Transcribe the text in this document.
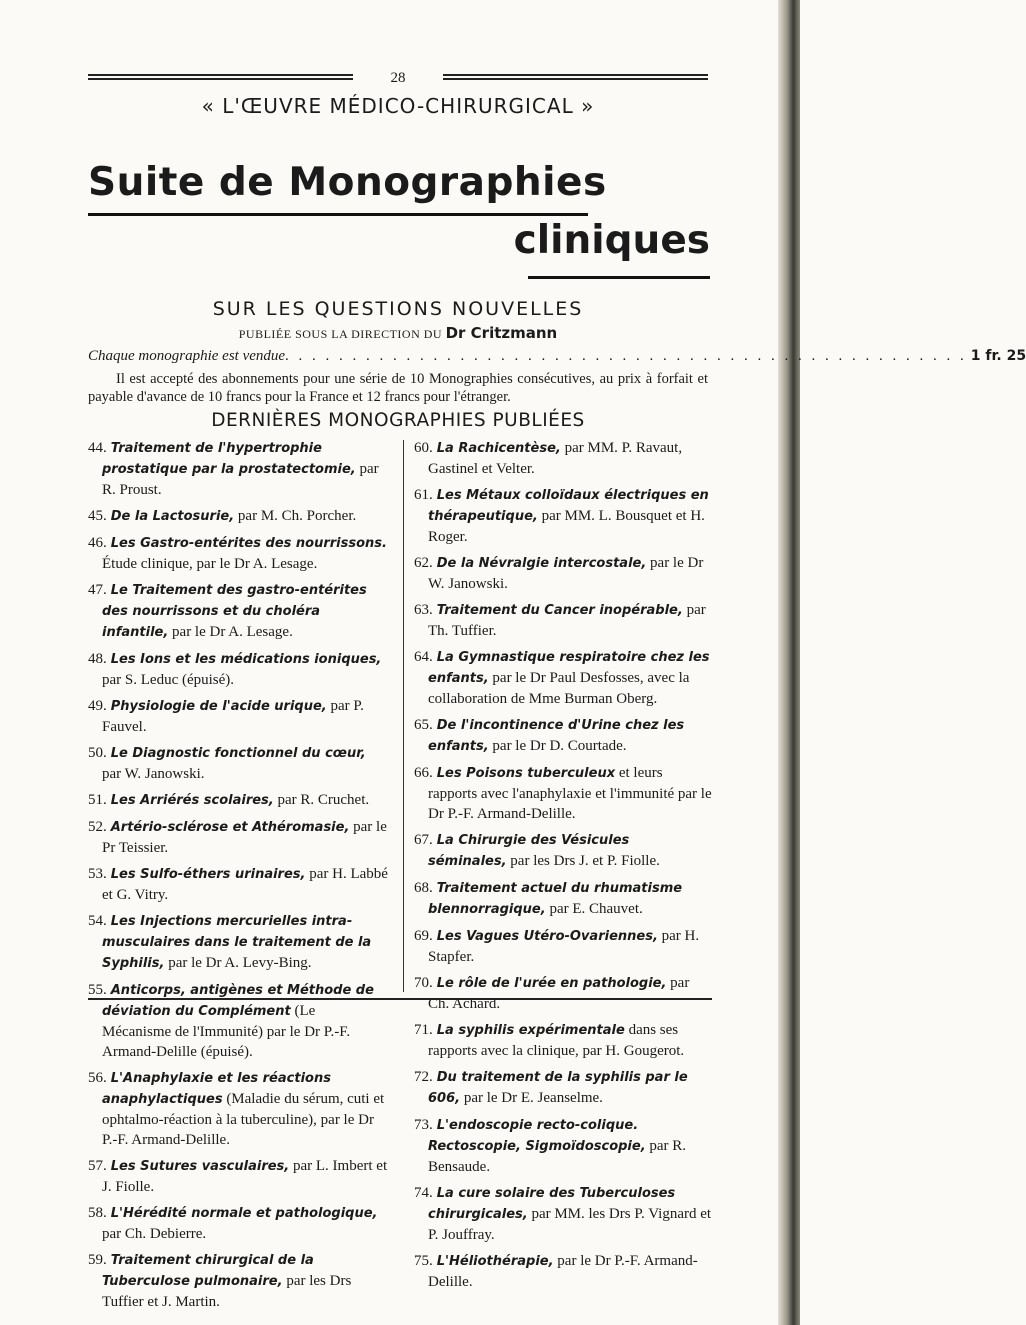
28
« L'ŒUVRE MÉDICO-CHIRURGICAL »
Suite de Monographies
cliniques
SUR LES QUESTIONS NOUVELLES
PUBLIÉE SOUS LA DIRECTION DU Dr Critzmann
Chaque monographie est vendue . . . . . . . . . . . . . . . . . . . . . . . . . . . . . . . . . . . . . . . . . . . . . . . . . . . 1 fr. 25
Il est accepté des abonnements pour une série de 10 Monographies consécutives, au prix à forfait et payable d'avance de 10 francs pour la France et 12 francs pour l'étranger.
DERNIÈRES MONOGRAPHIES PUBLIÉES
44. Traitement de l'hypertrophie prostatique par la prostatectomie, par R. Proust.
45. De la Lactosurie, par M. Ch. Porcher.
46. Les Gastro-entérites des nourrissons. Étude clinique, par le Dr A. Lesage.
47. Le Traitement des gastro-entérites des nourrissons et du choléra infantile, par le Dr A. Lesage.
48. Les Ions et les médications ioniques, par S. Leduc (épuisé).
49. Physiologie de l'acide urique, par P. Fauvel.
50. Le Diagnostic fonctionnel du cœur, par W. Janowski.
51. Les Arriérés scolaires, par R. Cruchet.
52. Artério-sclérose et Athéromasie, par le Pr Teissier.
53. Les Sulfo-éthers urinaires, par H. Labbé et G. Vitry.
54. Les Injections mercurielles intra-musculaires dans le traitement de la Syphilis, par le Dr A. Levy-Bing.
55. Anticorps, antigènes et Méthode de déviation du Complément (Le Mécanisme de l'Immunité) par le Dr P.-F. Armand-Delille (épuisé).
56. L'Anaphylaxie et les réactions anaphylactiques (Maladie du sérum, cuti et ophtalmo-réaction à la tuberculine), par le Dr P.-F. Armand-Delille.
57. Les Sutures vasculaires, par L. Imbert et J. Fiolle.
58. L'Hérédité normale et pathologique, par Ch. Debierre.
59. Traitement chirurgical de la Tuberculose pulmonaire, par les Drs Tuffier et J. Martin.
60. La Rachicentèse, par MM. P. Ravaut, Gastinel et Velter.
61. Les Métaux colloïdaux électriques en thérapeutique, par MM. L. Bousquet et H. Roger.
62. De la Névralgie intercostale, par le Dr W. Janowski.
63. Traitement du Cancer inopérable, par Th. Tuffier.
64. La Gymnastique respiratoire chez les enfants, par le Dr Paul Desfosses, avec la collaboration de Mme Burman Oberg.
65. De l'incontinence d'Urine chez les enfants, par le Dr D. Courtade.
66. Les Poisons tuberculeux et leurs rapports avec l'anaphylaxie et l'immunité par le Dr P.-F. Armand-Delille.
67. La Chirurgie des Vésicules séminales, par les Drs J. et P. Fiolle.
68. Traitement actuel du rhumatisme blennorragique, par E. Chauvet.
69. Les Vagues Utéro-Ovariennes, par H. Stapfer.
70. Le rôle de l'urée en pathologie, par Ch. Achard.
71. La syphilis expérimentale dans ses rapports avec la clinique, par H. Gougerot.
72. Du traitement de la syphilis par le 606, par le Dr E. Jeanselme.
73. L'endoscopie recto-colique. Rectoscopie, Sigmoïdoscopie, par R. Bensaude.
74. La cure solaire des Tuberculoses chirurgicales, par MM. les Drs P. Vignard et P. Jouffray.
75. L'Héliothérapie, par le Dr P.-F. Armand-Delille.
